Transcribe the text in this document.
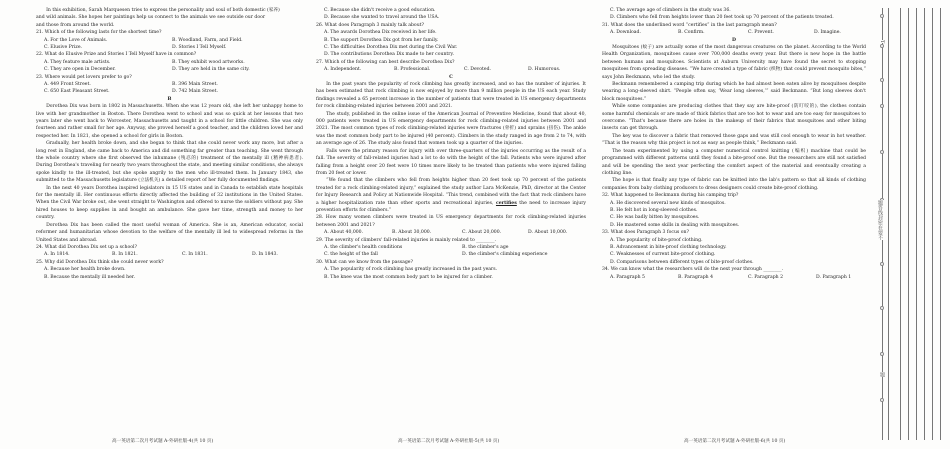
In this exhibition, Sarah Marquesen tries to express the personality and soul of both domestic (家养)

and wild animals. She hopes her paintings help us connect to the animals we see outside our door

and those from around the world.

21. Which of the following lasts for the shortest time?
A. For the Love of Animals.	B. Woodland, Farm, and Field.
C. Elusive Prize.	D. Stories I Tell Myself.
22. What do Elusive Prize and Stories I Tell Myself have in common?
A. They feature male artists.	B. They exhibit wood artworks.
C. They are open in December.	D. They are held in the same city.
23. Where would pet lovers prefer to go?
A. 449 Front Street.	B. 396 Main Street.
C. 650 East Pleasant Street.	D. 742 Main Street.
B

Dorothea Dix was born in 1802 in Massachusetts. When she was 12 years old, she left her unhappy home to live with her grandmother in Boston. There Dorothea went to school and was so quick at her lessons that two years later she went back to Worcester, Massachusetts and taught in a school for little children. She was only fourteen and rather small for her age. Anyway, she proved herself a good teacher, and the children loved her and respected her. In 1821, she opened a school for girls in Boston.

Gradually, her health broke down, and she began to think that she could never work any more, but after a long rest in England, she came back to America and did something far greater than teaching. She went through the whole country where she first observed the inhumane (残忍的) treatment of the mentally ill (精神病患者). During Dorothea's traveling for nearly two years throughout the state, and meeting similar conditions, she always spoke kindly to the ill-treated, but she spoke angrily to the men who ill-treated them. In January 1843, she submitted to the Massachusetts legislature (立法机关) a detailed report of her fully documented findings.

In the next 40 years Dorothea inspired legislators in 15 US states and in Canada to establish state hospitals for the mentally ill. Her continuous efforts directly affected the building of 32 institutions in the United States. When the Civil War broke out, she went straight to Washington and offered to nurse the soldiers without pay. She hired houses to keep supplies in and bought an ambulance. She gave her time, strength and money to her country.

Dorothea Dix has been called the most useful woman of America. She is an, American educator, social reformer and humanitarian whose devotion to the welfare of the mentally ill led to widespread reforms in the United States and abroad.

24. What did Dorothea Dix set up a school?
A. In 1814.	B. In 1821.	C. In 1831.	D. In 1843.
25. Why did Dorothea Dix think she could never work?
A. Because her health broke down.
B. Because the mentally ill needed her.
C. Because she didn't receive a good education.
D. Because she wanted to travel around the USA.
26. What does Paragraph 3 mainly talk about?
A. The awards Dorothea Dix received in her life.
B. The support Dorothea Dix got from her family.
C. The difficulties Dorothea Dix met during the Civil War.
D. The contributions Dorothea Dix made to her country.
27. Which of the following can best describe Dorothea Dix?
A. Independent.	B. Professional.	C. Devoted.	D. Humorous.
C

In the past years the popularity of rock climbing has greatly increased, and so has the number of injuries. It has been estimated that rock climbing is now enjoyed by more than 9 million people in the US each year. Study findings revealed a 65 percent increase in the number of patients that were treated in US emergency departments for rock climbing-related injuries between 2001 and 2021.

The study, published in the online issue of the American Journal of Preventive Medicine, found that about 40, 000 patients were treated in US emergency departments for rock climbing-related injuries between 2001 and 2021. The most common types of rock climbing-related injuries were fractures (骨折) and sprains (扭伤). The ankle was the most common body part to be injured (40 percent). Climbers in the study ranged in age from 2 to 74, with an average age of 26. The study also found that women took up a quarter of the injuries.

Falls were the primary reason for injury with over three-quarters of the injuries occurring as the result of a fall. The severity of fall-related injuries had a lot to do with the height of the fall. Patients who were injured after falling from a height over 20 feet were 10 times more likely to be treated than patients who were injured falling from 20 feet or lower.

“We found that the climbers who fell from heights higher than 20 feet took up 70 percent of the patients treated for a rock climbing-related injury,” explained the study author Lara McKenzie, PhD, director at the Center for Injury Research and Policy at Nationwide Hospital. “This trend, combined with the fact that rock climbers have a higher hospitalization rate than other sports and recreational injuries, certifies the need to increase injury prevention efforts for climbers.”

28. How many women climbers were treated in US emergency departments for rock climbing-related injuries between 2001 and 2021?

A. About 40,000.	B. About 30,000.	C. About 20,000.	D. About 10,000.
29. The severity of climbers' fall-related injuries is mainly related to ________.
A. the climber's health conditions	B. the climber's age
C. the height of the fall	D. the climber's climbing experience
30. What can we know from the passage?
A. The popularity of rock climbing has greatly increased in the past years.
B. The knee was the most common body part to be injured for a climber.
C. The average age of climbers in the study was 36.
D. Climbers who fell from heights lower than 20 feet took up 70 percent of the patients treated.
31. What does the underlined word “certifies” in the last paragraph mean?
A. Download.	B. Confirm.	C. Prevent.	D. Imagine.
D

Mosquitoes (蚊子) are actually some of the most dangerous creatures on the planet. According to the World Health Organization, mosquitoes cause over 700,000 deaths every year. But there is new hope in the battle between humans and mosquitoes. Scientists at Auburn University may have found the secret to stopping mosquitoes from spreading diseases. “We have created a type of fabric (织物) that could prevent mosquito bites,” says John Beckmann, who led the study.

Beckmann remembered a camping trip during which he had almost been eaten alive by mosquitoes despite wearing a long-sleeved shirt. “People often say, ‘Wear long sleeves,’” said Beckmann. “But long sleeves don't block mosquitoes.”

While some companies are producing clothes that they say are bite-proof (防叮咬的), the clothes contain some harmful chemicals or are made of thick fabrics that are too hot to wear and are too easy for mosquitoes to overcome. “That's because there are holes in the makeup of their fabrics that mosquitoes and other biting insects can get through.

The key was to discover a fabric that removed those gaps and was still cool enough to wear in hot weather. “That is the reason why this project is not as easy as people think,” Beckmann said.

The team experimented by using a computer numerical control knitting (编织) machine that could be programmed with different patterns until they found a bite-proof one. But the researchers are still not satisfied and will be spending the next year perfecting the comfort aspect of the material and eventually creating a clothing line.

The hope is that finally any type of fabric can be knitted into the lab's pattern so that all kinds of clothing companies from baby clothing producers to dress designers could create bite-proof clothing.

32. What happened to Beckmann during his camping trip?
A. He discovered several new kinds of mosquitos.
B. He felt hot in long-sleeved clothes.
C. He was badly bitten by mosquitoes.
D. He mastered some skills in dealing with mosquitoes.
33. What does Paragraph 3 focus on?
A. The popularity of bite-proof clothing.
B. Advancement in bite-proof clothing technology.
C. Weaknesses of current bite-proof clothing.
D. Comparisons between different types of bite-proof clothes.
34. We can know what the researchers will do the next year through ________.
A. Paragraph 5	B. Paragraph 4	C. Paragraph 2	D. Paragraph 1
高一英语第二次月考试题 A-外研社版-4(共 10 页)	高一英语第二次月考试题 A-外研社版-5(共 10 页)	高一英语第二次月考试题 A-外研社版-6(共 10 页)
T
题答线封密在要不
题
